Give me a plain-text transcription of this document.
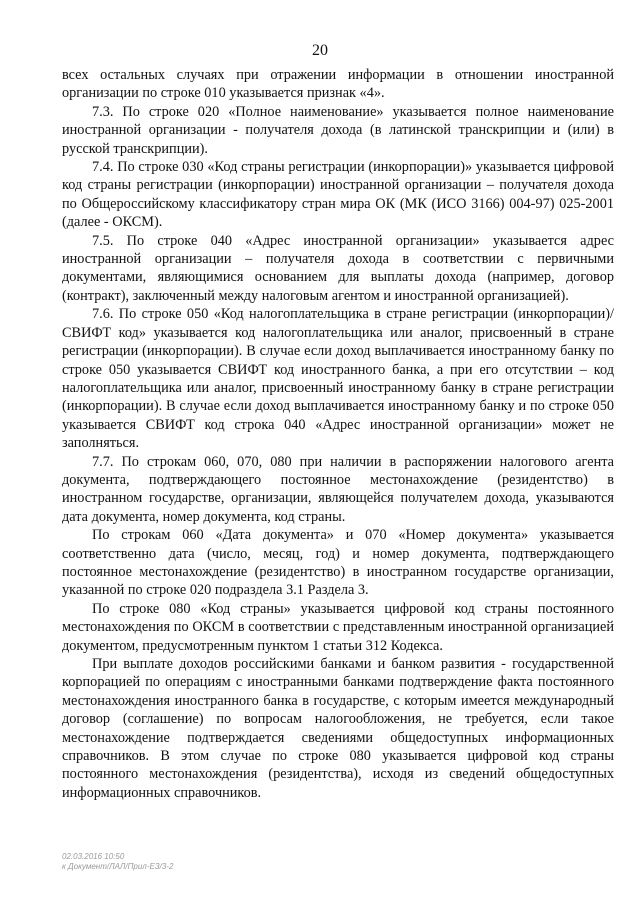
20

всех остальных случаях при отражении информации в отношении иностранной организации по строке 010 указывается признак «4».

7.3. По строке 020 «Полное наименование» указывается полное наименование иностранной организации - получателя дохода (в латинской транскрипции и (или) в русской транскрипции).

7.4. По строке 030 «Код страны регистрации (инкорпорации)» указывается цифровой код страны регистрации (инкорпорации) иностранной организации – получателя дохода по Общероссийскому классификатору стран мира ОК (МК (ИСО 3166) 004-97) 025-2001 (далее - ОКСМ).

7.5. По строке 040 «Адрес иностранной организации» указывается адрес иностранной организации – получателя дохода в соответствии с первичными документами, являющимися основанием для выплаты дохода (например, договор (контракт), заключенный между налоговым агентом и иностранной организацией).

7.6. По строке 050 «Код налогоплательщика в стране регистрации (инкорпорации)/СВИФТ код» указывается код налогоплательщика или аналог, присвоенный в стране регистрации (инкорпорации). В случае если доход выплачивается иностранному банку по строке 050 указывается СВИФТ код иностранного банка, а при его отсутствии – код налогоплательщика или аналог, присвоенный иностранному банку в стране регистрации (инкорпорации). В случае если доход выплачивается иностранному банку и по строке 050 указывается СВИФТ код строка 040 «Адрес иностранной организации» может не заполняться.

7.7. По строкам 060, 070, 080 при наличии в распоряжении налогового агента документа, подтверждающего постоянное местонахождение (резидентство) в иностранном государстве, организации, являющейся получателем дохода, указываются дата документа, номер документа, код страны.

По строкам 060 «Дата документа» и 070 «Номер документа» указывается соответственно дата (число, месяц, год) и номер документа, подтверждающего постоянное местонахождение (резидентство) в иностранном государстве организации, указанной по строке 020 подраздела 3.1 Раздела 3.

По строке 080 «Код страны» указывается цифровой код страны постоянного местонахождения по ОКСМ в соответствии с представленным иностранной организацией документом, предусмотренным пунктом 1 статьи 312 Кодекса.

При выплате доходов российскими банками и банком развития - государственной корпорацией по операциям с иностранными банками подтверждение факта постоянного местонахождения иностранного банка в государстве, с которым имеется международный договор (соглашение) по вопросам налогообложения, не требуется, если такое местонахождение подтверждается сведениями общедоступных информационных справочников. В этом случае по строке 080 указывается цифровой код страны постоянного местонахождения (резидентства), исходя из сведений общедоступных информационных справочников.

02.03.2016 10:50
к Документ/ЛАЛ/Прил-ЕЗ/3-2
